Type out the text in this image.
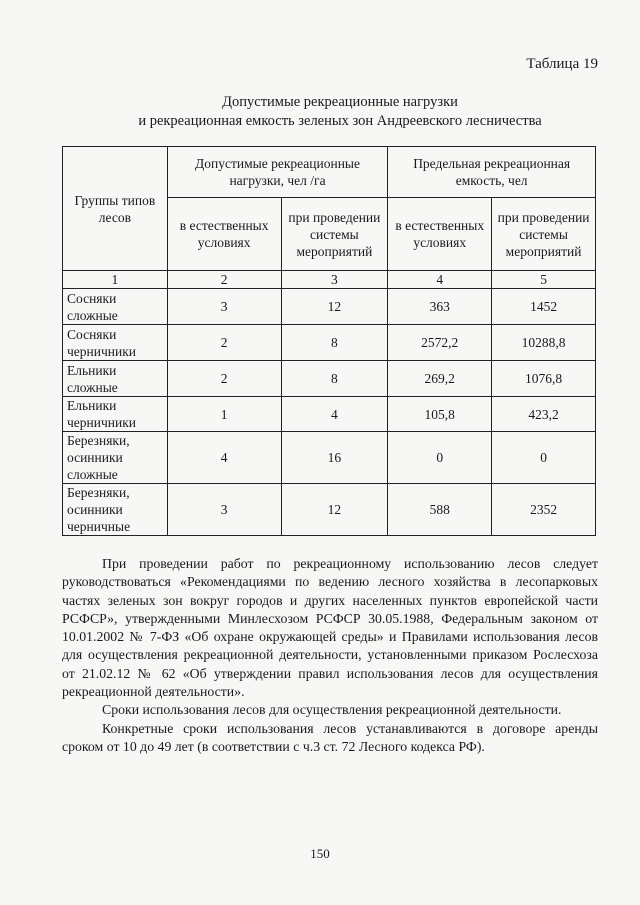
Таблица 19
Допустимые рекреационные нагрузки
и рекреационная емкость зеленых зон Андреевского лесничества
Группы типов лесов	Допустимые рекреационные нагрузки, чел /га		Предельная рекреационная емкость, чел	
	в естественных условиях	при проведении системы мероприятий	в естественных условиях	при проведении системы мероприятий
1	2	3	4	5
Сосняки сложные	3	12	363	1452
Сосняки черничники	2	8	2572,2	10288,8
Ельники сложные	2	8	269,2	1076,8
Ельники черничники	1	4	105,8	423,2
Березняки, осинники сложные	4	16	0	0
Березняки, осинники черничные	3	12	588	2352

При проведении работ по рекреационному использованию лесов следует руководствоваться «Рекомендациями по ведению лесного хозяйства в лесопарковых частях зеленых зон вокруг городов и других населенных пунктов европейской части РСФСР», утвержденными Минлесхозом РСФСР 30.05.1988, Федеральным законом от 10.01.2002 № 7-ФЗ «Об охране окружающей среды» и Правилами использования лесов для осуществления рекреационной деятельности, установленными приказом Рослесхоза от 21.02.12 № 62 «Об утверждении правил использования лесов для осуществления рекреационной деятельности».

Сроки использования лесов для осуществления рекреационной деятельности.

Конкретные сроки использования лесов устанавливаются в договоре аренды сроком от 10 до 49 лет (в соответствии с ч.3 ст. 72 Лесного кодекса РФ).

150
